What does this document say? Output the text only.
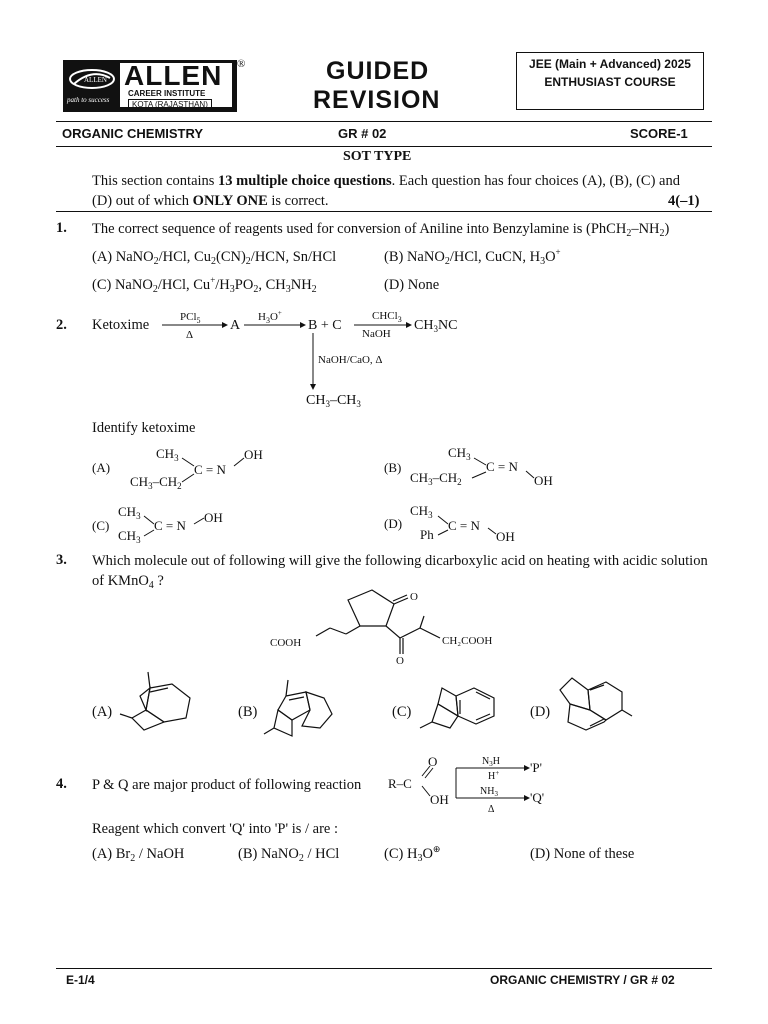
ALLEN
path to success
ALLEN
CAREER INSTITUTE
KOTA (RAJASTHAN)
®	GUIDED
REVISION
JEE (Main + Advanced) 2025
ENTHUSIAST COURSE
ORGANIC CHEMISTRY	GR # 02	SCORE-1
SOT TYPE
This section contains 13 multiple choice questions. Each question has four choices (A), (B), (C) and
(D) out of which ONLY ONE is correct.	4(–1)
1. The correct sequence of reagents used for conversion of Aniline into Benzylamine is $(PhCH_2-NH_2)$
(A) NaNO$_2$/HCl, $Cu_2(CN)_2$/HCN, Sn/HCl	(B) NaNO$_2$/HCl, CuCN, $H_3O^+$
(C) NaNO$_2$/HCl, $Cu^+/H_3PO_2$, $CH_3NH_2$	(D) None
2. Ketoxime	PCl$_5$
Δ
A
$H_3O^+$
B + C
CHCl$_3$
NaOH
$CH_3NC$
NaOH/CaO, Δ
$CH_3-CH_3$
Identify ketoxime
(A)
$CH_3$
$CH_3-CH_2$
C = N
OH
(B)
$CH_3$
$CH_3-CH_2$
C = N
OH
(C)
$CH_3$
$CH_3$
C = N
OH	(D)
$CH_3$
Ph
C = N
OH
3. Which molecule out of following will give the following dicarboxylic acid on heating with acidic solution
of KMnO$_4$ ?
O
O
COOH	CH₂COOH
(A)	(B)	(C)	(D)
4. P & Q are major product of following reaction R–C
O
OH
$N_3H$
H+
$NH_3$
Δ
'P'
'Q'
Reagent which convert 'Q' into 'P' is / are :
(A) $Br_2$ / NaOH	(B) NaNO$_2$ / HCl	(C) $H_3O^\oplus$	(D) None of these
E-1/4	ORGANIC CHEMISTRY / GR # 02
